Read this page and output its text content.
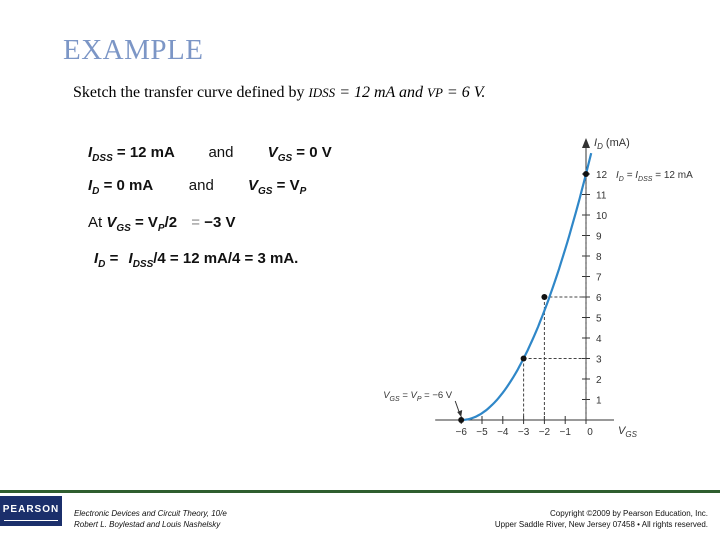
EXAMPLE
Sketch the transfer curve defined by IDSS = 12 mA and VP = 6 V.
$I_{DSS} = 12$ mA and $V_{GS} = 0$ V
$I_D = 0$ mA and $V_{GS} = V_P$
At $V_{GS} = V_P/2 = -3$ V
$I_D = I_{DSS}/4 = 12$ mA/4 = 3 mA.
1
2
3
4
5
6
7
8
9
10
11
12
−6 −5 −4 −3 −2 −1 0
$I_D$ (mA)
$V_{GS}$
$I_D = I_{DSS} = 12$ mA
$V_{GS} = V_P = -6$ V
PEARSON	Electronic Devices and Circuit Theory, 10/e
Robert L. Boylestad and Louis Nashelsky
Copyright ©2009 by Pearson Education, Inc.
Upper Saddle River, New Jersey 07458 • All rights reserved.
